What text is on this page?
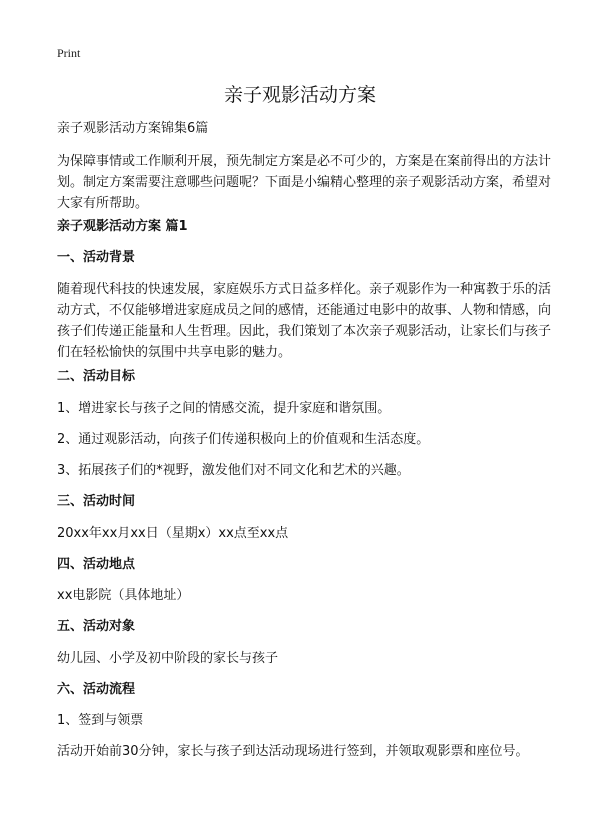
Print
亲子观影活动方案
亲子观影活动方案锦集6篇
为保障事情或工作顺利开展，预先制定方案是必不可少的，方案是在案前得出的方法计划。制定方案需要注意哪些问题呢？下面是小编精心整理的亲子观影活动方案，希望对大家有所帮助。
亲子观影活动方案 篇1
一、活动背景
随着现代科技的快速发展，家庭娱乐方式日益多样化。亲子观影作为一种寓教于乐的活动方式，不仅能够增进家庭成员之间的感情，还能通过电影中的故事、人物和情感，向孩子们传递正能量和人生哲理。因此，我们策划了本次亲子观影活动，让家长们与孩子们在轻松愉快的氛围中共享电影的魅力。
二、活动目标
1、增进家长与孩子之间的情感交流，提升家庭和谐氛围。
2、通过观影活动，向孩子们传递积极向上的价值观和生活态度。
3、拓展孩子们的*视野，激发他们对不同文化和艺术的兴趣。
三、活动时间
20xx年xx月xx日（星期x）xx点至xx点
四、活动地点
xx电影院（具体地址）
五、活动对象
幼儿园、小学及初中阶段的家长与孩子
六、活动流程
1、签到与领票
活动开始前30分钟，家长与孩子到达活动现场进行签到，并领取观影票和座位号。
